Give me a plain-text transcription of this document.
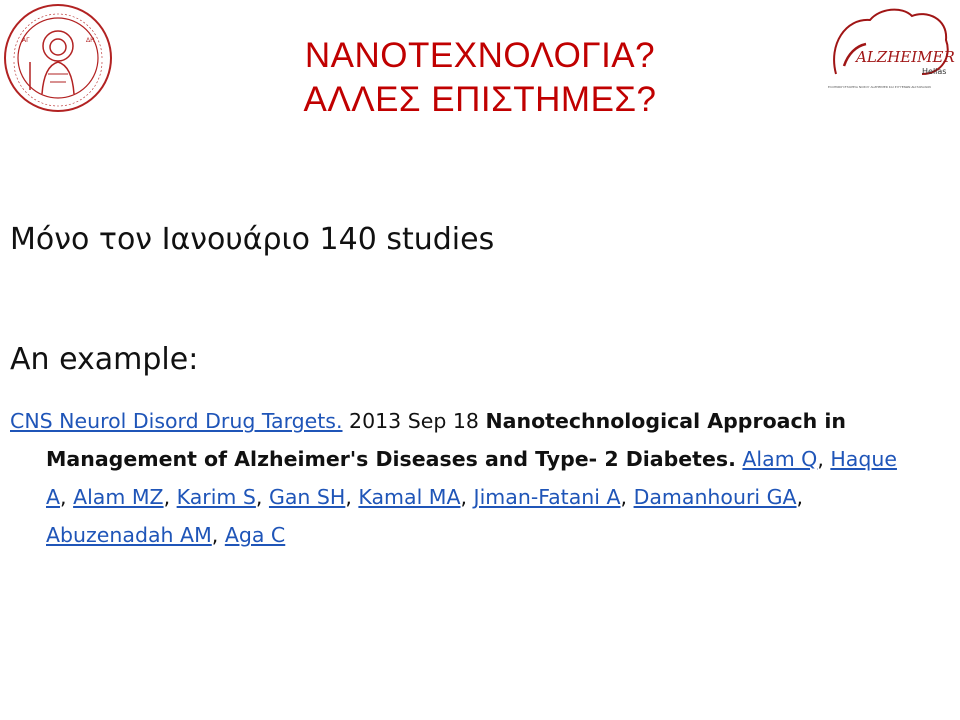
ΑΓ	ΔΗ
ALZHEIMER
Hellas
ΕΛΛΗΝΙΚΗ ΕΤΑΙΡΕΙΑ ΝΟΣΟΥ ALZHEIMER ΚΑΙ ΣΥΓΓΕΝΩΝ ΔΙΑΤΑΡΑΧΩΝ
ΝΑΝΟΤΕΧΝΟΛΟΓΙΑ?
ΑΛΛΕΣ ΕΠΙΣΤΗΜΕΣ?
Μόνο τον Ιανουάριο 140 studies
An example:
CNS Neurol Disord Drug Targets. 2013 Sep 18 Nanotechnological Approach in Management of Alzheimer's Diseases and Type- 2 Diabetes. Alam Q, Haque A, Alam MZ, Karim S, Gan SH, Kamal MA, Jiman-Fatani A, Damanhouri GA, Abuzenadah AM, Aga C
